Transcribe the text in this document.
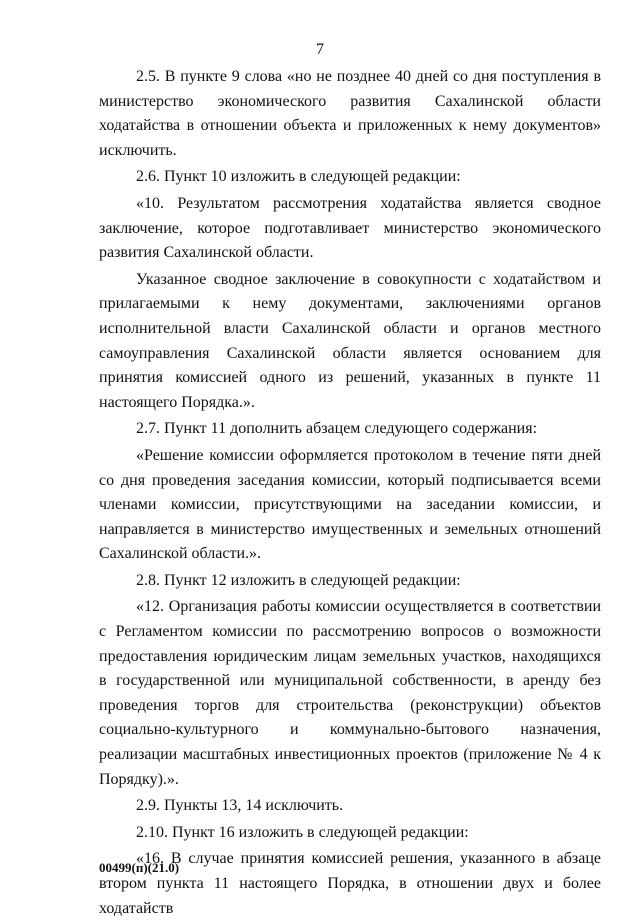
7

2.5. В пункте 9 слова «но не позднее 40 дней со дня поступления в министерство экономического развития Сахалинской области ходатайства в отношении объекта и приложенных к нему документов» исключить.

2.6. Пункт 10 изложить в следующей редакции:

«10. Результатом рассмотрения ходатайства является сводное заключение, которое подготавливает министерство экономического развития Сахалинской области.

Указанное сводное заключение в совокупности с ходатайством и прилагаемыми к нему документами, заключениями органов исполнительной власти Сахалинской области и органов местного самоуправления Сахалинской области является основанием для принятия комиссией одного из решений, указанных в пункте 11 настоящего Порядка.».

2.7. Пункт 11 дополнить абзацем следующего содержания:

«Решение комиссии оформляется протоколом в течение пяти дней со дня проведения заседания комиссии, который подписывается всеми членами комиссии, присутствующими на заседании комиссии, и направляется в министерство имущественных и земельных отношений Сахалинской области.».

2.8. Пункт 12 изложить в следующей редакции:

«12. Организация работы комиссии осуществляется в соответствии с Регламентом комиссии по рассмотрению вопросов о возможности предоставления юридическим лицам земельных участков, находящихся в государственной или муниципальной собственности, в аренду без проведения торгов для строительства (реконструкции) объектов социально-культурного и коммунально-бытового назначения, реализации масштабных инвестиционных проектов (приложение № 4 к Порядку).».

2.9. Пункты 13, 14 исключить.

2.10. Пункт 16 изложить в следующей редакции:

«16. В случае принятия комиссией решения, указанного в абзаце втором пункта 11 настоящего Порядка, в отношении двух и более ходатайств

00499(п)(21.0)
